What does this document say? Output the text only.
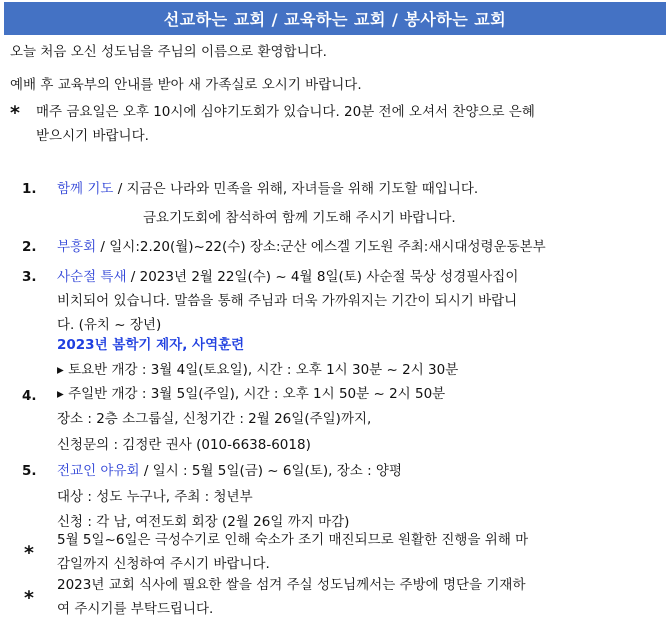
선교하는 교회 / 교육하는 교회 / 봉사하는 교회
오늘 처음 오신 성도님을 주님의 이름으로 환영합니다.
예배 후 교육부의 안내를 받아 새 가족실로 오시기 바랍니다.
* 매주 금요일은 오후 10시에 심야기도회가 있습니다. 20분 전에 오셔서 찬양으로 은혜
받으시기 바랍니다.
1. 함께 기도 / 지금은 나라와 민족을 위해, 자녀들을 위해 기도할 때입니다.
금요기도회에 참석하여 함께 기도해 주시기 바랍니다.
2. 부흥회 / 일시:2.20(월)~22(수) 장소:군산 에스겔 기도원 주최:새시대성령운동본부
3. 사순절 특새 / 2023년 2월 22일(수) ~ 4월 8일(토) 사순절 묵상 성경필사집이
비치되어 있습니다. 말씀을 통해 주님과 더욱 가까워지는 기간이 되시기 바랍니
다. (유치 ~ 장년)
2023년 봄학기 제자, 사역훈련
▸ 토요반 개강 : 3월 4일(토요일), 시간 : 오후 1시 30분 ~ 2시 30분
4. ▸ 주일반 개강 : 3월 5일(주일), 시간 : 오후 1시 50분 ~ 2시 50분
장소 : 2층 소그룹실, 신청기간 : 2월 26일(주일)까지,
신청문의 : 김정란 권사 (010-6638-6018)
5. 전교인 야유회 / 일시 : 5월 5일(금) ~ 6일(토), 장소 : 양평
대상 : 성도 누구나, 주최 : 청년부
신청 : 각 남, 여전도회 회장 (2월 26일 까지 마감)
*
5월 5일~6일은 극성수기로 인해 숙소가 조기 매진되므로 원활한 진행을 위해 마
감일까지 신청하여 주시기 바랍니다.
*
2023년 교회 식사에 필요한 쌀을 섬겨 주실 성도님께서는 주방에 명단을 기재하
여 주시기를 부탁드립니다.
